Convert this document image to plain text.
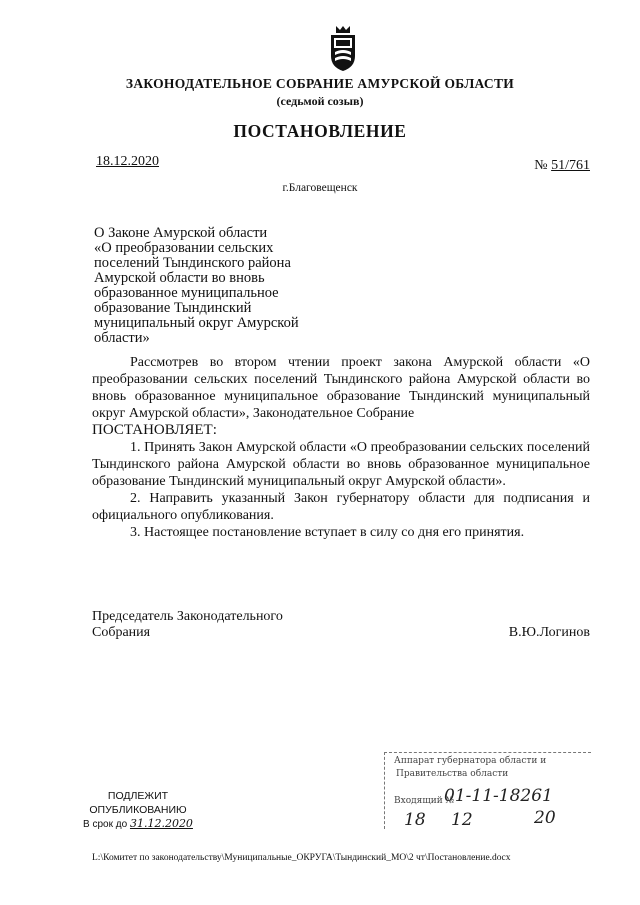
ЗАКОНОДАТЕЛЬНОЕ СОБРАНИЕ АМУРСКОЙ ОБЛАСТИ
(седьмой созыв)
ПОСТАНОВЛЕНИЕ
18.12.2020	№ 51/761
г.Благовещенск
О Законе Амурской области
«О преобразовании сельских
поселений Тындинского района
Амурской области во вновь
образованное муниципальное
образование Тындинский
муниципальный округ Амурской
области»

Рассмотрев во втором чтении проект закона Амурской области «О преобразовании сельских поселений Тындинского района Амурской области во вновь образованное муниципальное образование Тындинский муниципальный округ Амурской области», Законодательное Собрание

ПОСТАНОВЛЯЕТ:

1. Принять Закон Амурской области «О преобразовании сельских поселений Тындинского района Амурской области во вновь образованное муниципальное образование Тындинский муниципальный округ Амурской области».

2. Направить указанный Закон губернатору области для подписания и официального опубликования.

3. Настоящее постановление вступает в силу со дня его принятия.

Председатель Законодательного
Собрания	В.Ю.Логинов
Аппарат губернатора области и
Правительства области
Входящий №
01-11-18261
18 12	20
ПОДЛЕЖИТ
ОПУБЛИКОВАНИЮ
В срок до 31.12.2020
L:\Комитет по законодательству\Муниципальные_ОКРУГА\Тындинский_МО\2 чт\Постановление.docx
